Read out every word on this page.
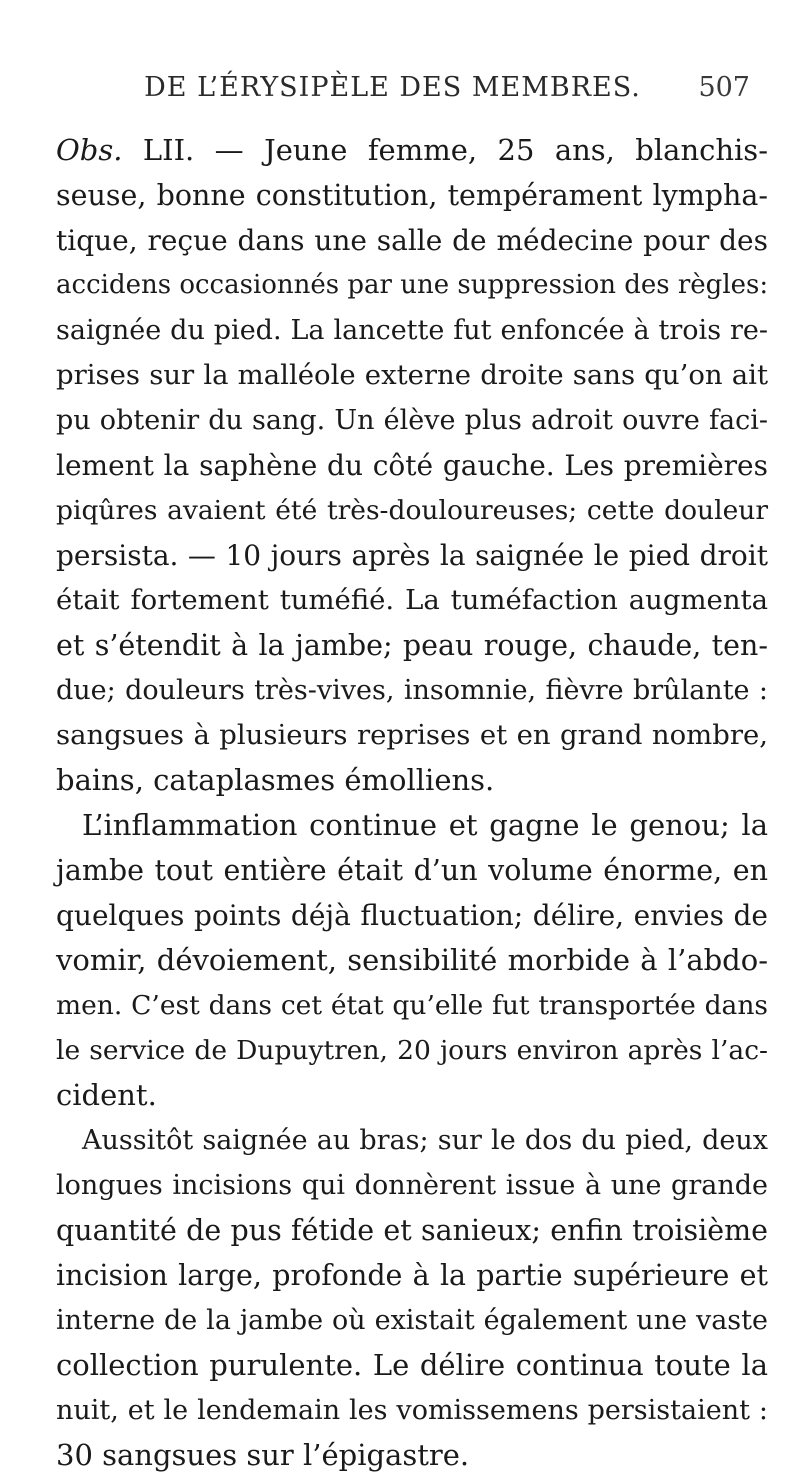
DE L’ÉRYSIPÈLE DES MEMBRES.	507
Obs. LII. — Jeune femme, 25 ans, blanchis-
seuse, bonne constitution, tempérament lympha-
tique, reçue dans une salle de médecine pour des
accidens occasionnés par une suppression des règles:
saignée du pied. La lancette fut enfoncée à trois re-
prises sur la malléole externe droite sans qu’on ait
pu obtenir du sang. Un élève plus adroit ouvre faci-
lement la saphène du côté gauche. Les premières
piqûres avaient été très-douloureuses; cette douleur
persista. — 10 jours après la saignée le pied droit
était fortement tuméfié. La tuméfaction augmenta
et s’étendit à la jambe; peau rouge, chaude, ten-
due; douleurs très-vives, insomnie, fièvre brûlante :
sangsues à plusieurs reprises et en grand nombre,
bains, cataplasmes émolliens.
L’inflammation continue et gagne le genou; la
jambe tout entière était d’un volume énorme, en
quelques points déjà fluctuation; délire, envies de
vomir, dévoiement, sensibilité morbide à l’abdo-
men. C’est dans cet état qu’elle fut transportée dans
le service de Dupuytren, 20 jours environ après l’ac-
cident.
Aussitôt saignée au bras; sur le dos du pied, deux
longues incisions qui donnèrent issue à une grande
quantité de pus fétide et sanieux; enfin troisième
incision large, profonde à la partie supérieure et
interne de la jambe où existait également une vaste
collection purulente. Le délire continua toute la
nuit, et le lendemain les vomissemens persistaient :
30 sangsues sur l’épigastre.
